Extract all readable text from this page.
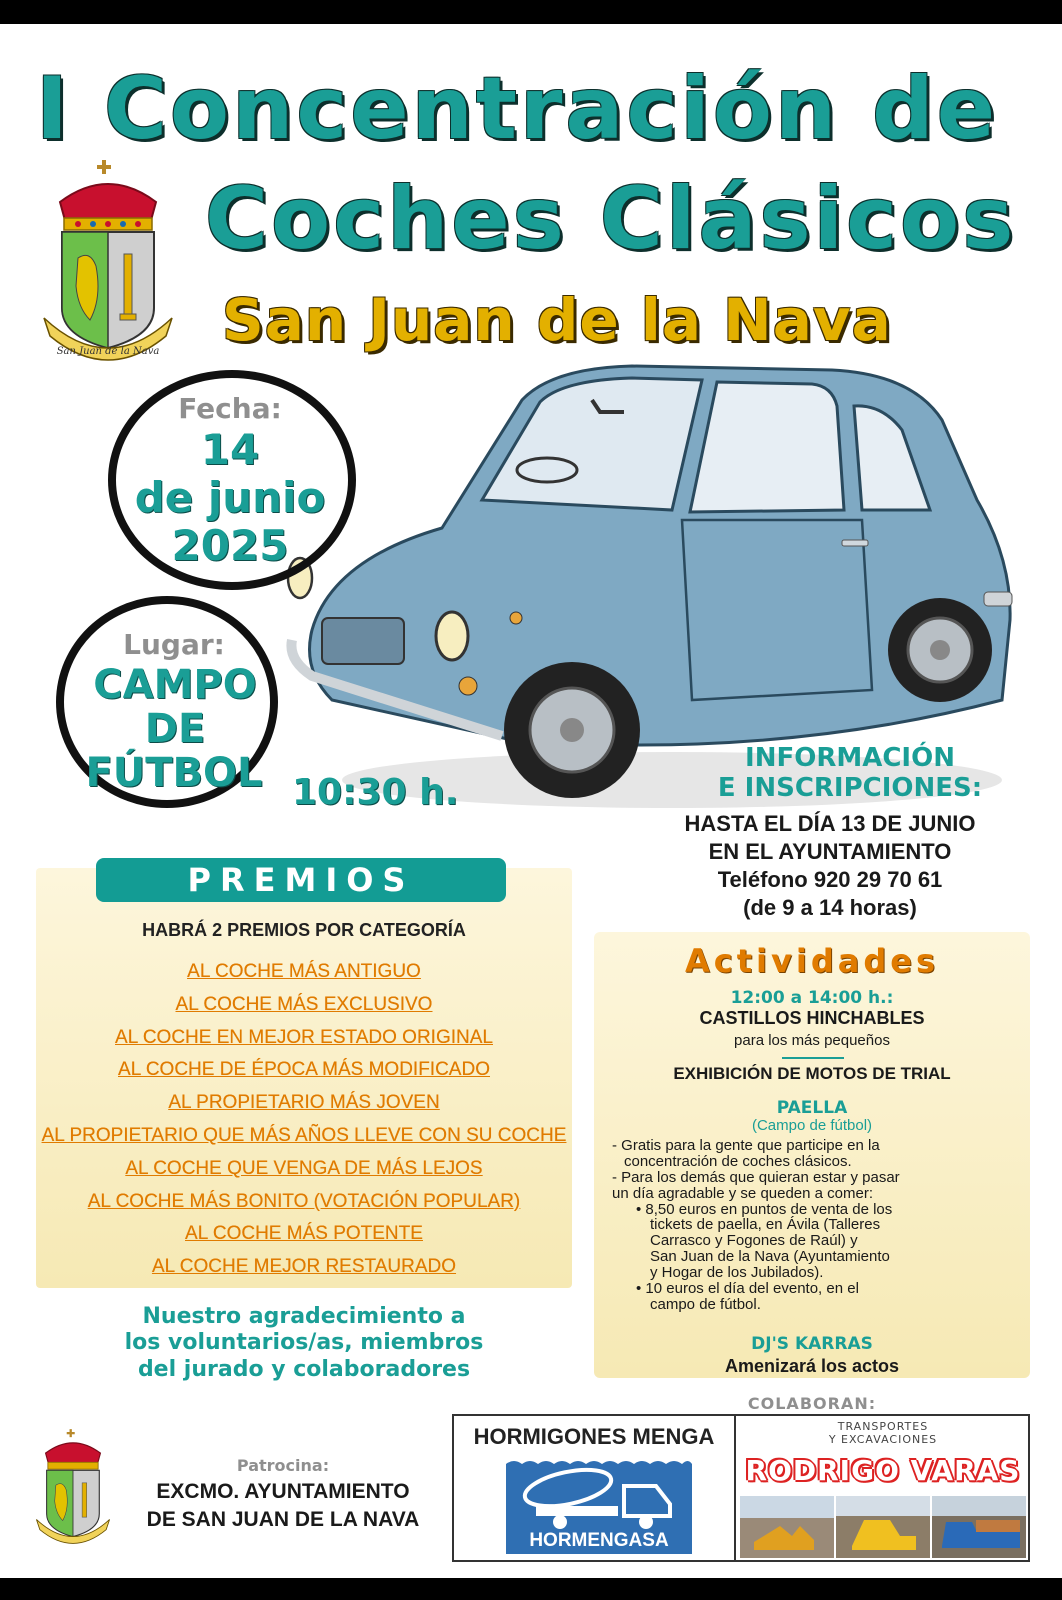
I Concentración de
Coches Clásicos
San Juan de la Nava
San Juan de la Nava
Fecha:
14
de junio
2025
Lugar:
CAMPO
DE
FÚTBOL 10:30 h.
INFORMACIÓN
E INSCRIPCIONES:
HASTA EL DÍA 13 DE JUNIO
EN EL AYUNTAMIENTO
Teléfono 920 29 70 61
(de 9 a 14 horas)
PREMIOS
HABRÁ 2 PREMIOS POR CATEGORÍA
AL COCHE MÁS ANTIGUO
AL COCHE MÁS EXCLUSIVO
AL COCHE EN MEJOR ESTADO ORIGINAL
AL COCHE DE ÉPOCA MÁS MODIFICADO
AL PROPIETARIO MÁS JOVEN
AL PROPIETARIO QUE MÁS AÑOS LLEVE CON SU COCHE
AL COCHE QUE VENGA DE MÁS LEJOS
AL COCHE MÁS BONITO (VOTACIÓN POPULAR)
AL COCHE MÁS POTENTE
AL COCHE MEJOR RESTAURADO
Nuestro agradecimiento a
los voluntarios/as, miembros
del jurado y colaboradores
Actividades
12:00 a 14:00 h.:
CASTILLOS HINCHABLES
para los más pequeños
EXHIBICIÓN DE MOTOS DE TRIAL
PAELLA
(Campo de fútbol)
- Gratis para la gente que participe en la
concentración de coches clásicos.
- Para los demás que quieran estar y pasar
un día agradable y se queden a comer:
• 8,50 euros en puntos de venta de los
tickets de paella, en Ávila (Talleres
Carrasco y Fogones de Raúl) y
San Juan de la Nava (Ayuntamiento
y Hogar de los Jubilados).
• 10 euros el día del evento, en el
campo de fútbol.
DJ'S KARRAS
Amenizará los actos
COLABORAN:
HORMIGONES MENGA
HORMENGASA
TRANSPORTES
Y EXCAVACIONES
RODRIGO VARAS
Patrocina:
EXCMO. AYUNTAMIENTO
DE SAN JUAN DE LA NAVA
